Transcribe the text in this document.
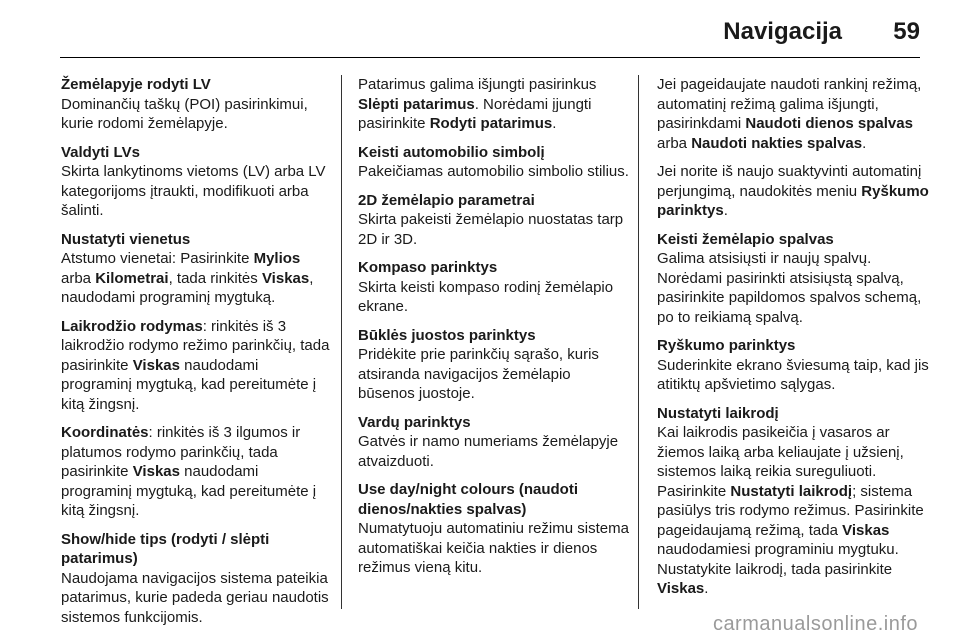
Navigacija 59

Žemėlapyje rodyti LV

Dominančių taškų (POI) pasirinkimui, kurie rodomi žemėlapyje.

Valdyti LVs

Skirta lankytinoms vietoms (LV) arba LV kategorijoms įtraukti, modifikuoti arba šalinti.

Nustatyti vienetus

Atstumo vienetai: Pasirinkite Mylios arba Kilometrai, tada rinkitės Viskas, naudodami programinį mygtuką.

Laikrodžio rodymas: rinkitės iš 3 laikrodžio rodymo režimo parinkčių, tada pasirinkite Viskas naudodami programinį mygtuką, kad pereitumėte į kitą žingsnį.

Koordinatės: rinkitės iš 3 ilgumos ir platumos rodymo parinkčių, tada pasirinkite Viskas naudodami programinį mygtuką, kad pereitumėte į kitą žingsnį.

Show/hide tips (rodyti / slėpti patarimus)

Naudojama navigacijos sistema pateikia patarimus, kurie padeda geriau naudotis sistemos funkcijomis.

Patarimus galima išjungti pasirinkus Slėpti patarimus. Norėdami įjungti pasirinkite Rodyti patarimus.

Keisti automobilio simbolį

Pakeičiamas automobilio simbolio stilius.

2D žemėlapio parametrai

Skirta pakeisti žemėlapio nuostatas tarp 2D ir 3D.

Kompaso parinktys

Skirta keisti kompaso rodinį žemėlapio ekrane.

Būklės juostos parinktys

Pridėkite prie parinkčių sąrašo, kuris atsiranda navigacijos žemėlapio būsenos juostoje.

Vardų parinktys

Gatvės ir namo numeriams žemėlapyje atvaizduoti.

Use day/night colours (naudoti dienos/nakties spalvas)

Numatytuoju automatiniu režimu sistema automatiškai keičia nakties ir dienos režimus vieną kitu.

Jei pageidaujate naudoti rankinį režimą, automatinį režimą galima išjungti, pasirinkdami Naudoti dienos spalvas arba Naudoti nakties spalvas.

Jei norite iš naujo suaktyvinti automatinį perjungimą, naudokitės meniu Ryškumo parinktys.

Keisti žemėlapio spalvas

Galima atsisiųsti ir naujų spalvų. Norėdami pasirinkti atsisiųstą spalvą, pasirinkite papildomos spalvos schemą, po to reikiamą spalvą.

Ryškumo parinktys

Suderinkite ekrano šviesumą taip, kad jis atitiktų apšvietimo sąlygas.

Nustatyti laikrodį

Kai laikrodis pasikeičia į vasaros ar žiemos laiką arba keliaujate į užsienį, sistemos laiką reikia sureguliuoti. Pasirinkite Nustatyti laikrodį; sistema pasiūlys tris rodymo režimus. Pasirinkite pageidaujamą režimą, tada Viskas naudodamiesi programiniu mygtuku. Nustatykite laikrodį, tada pasirinkite Viskas.

carmanualsonline.info
